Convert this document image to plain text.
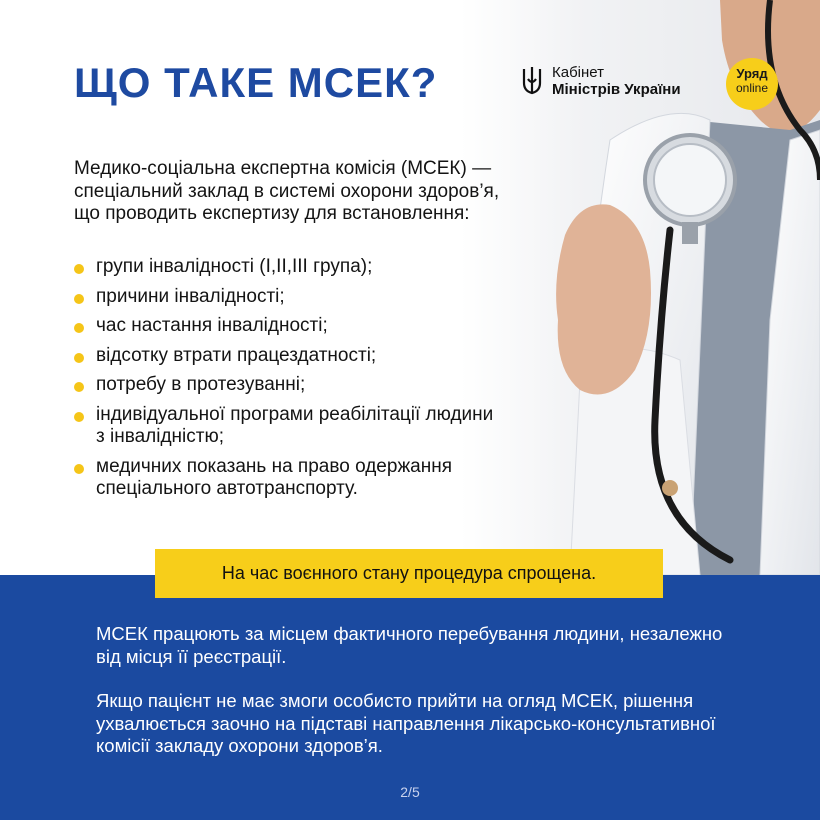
ЩО ТАКЕ МСЕК?	Кабінет
Міністрів України
Уряд
online
Медико-соціальна експертна комісія (МСЕК) — спеціальний заклад в системі охорони здоров’я, що проводить експертизу для встановлення:
групи інвалідності (I,II,III група);
причини інвалідності;
час настання інвалідності;
відсотку втрати працездатності;
потребу в протезуванні;
індивідуальної програми реабілітації людини з інвалідністю;
медичних показань на право одержання спеціального автотранспорту.
На час воєнного стану процедура спрощена.
МСЕК працюють за місцем фактичного перебування людини, незалежно від місця її реєстрації.
Якщо пацієнт не має змоги особисто прийти на огляд МСЕК, рішення ухвалюється заочно на підставі направлення лікарсько-консультативної комісії закладу охорони здоров’я.
2/5
